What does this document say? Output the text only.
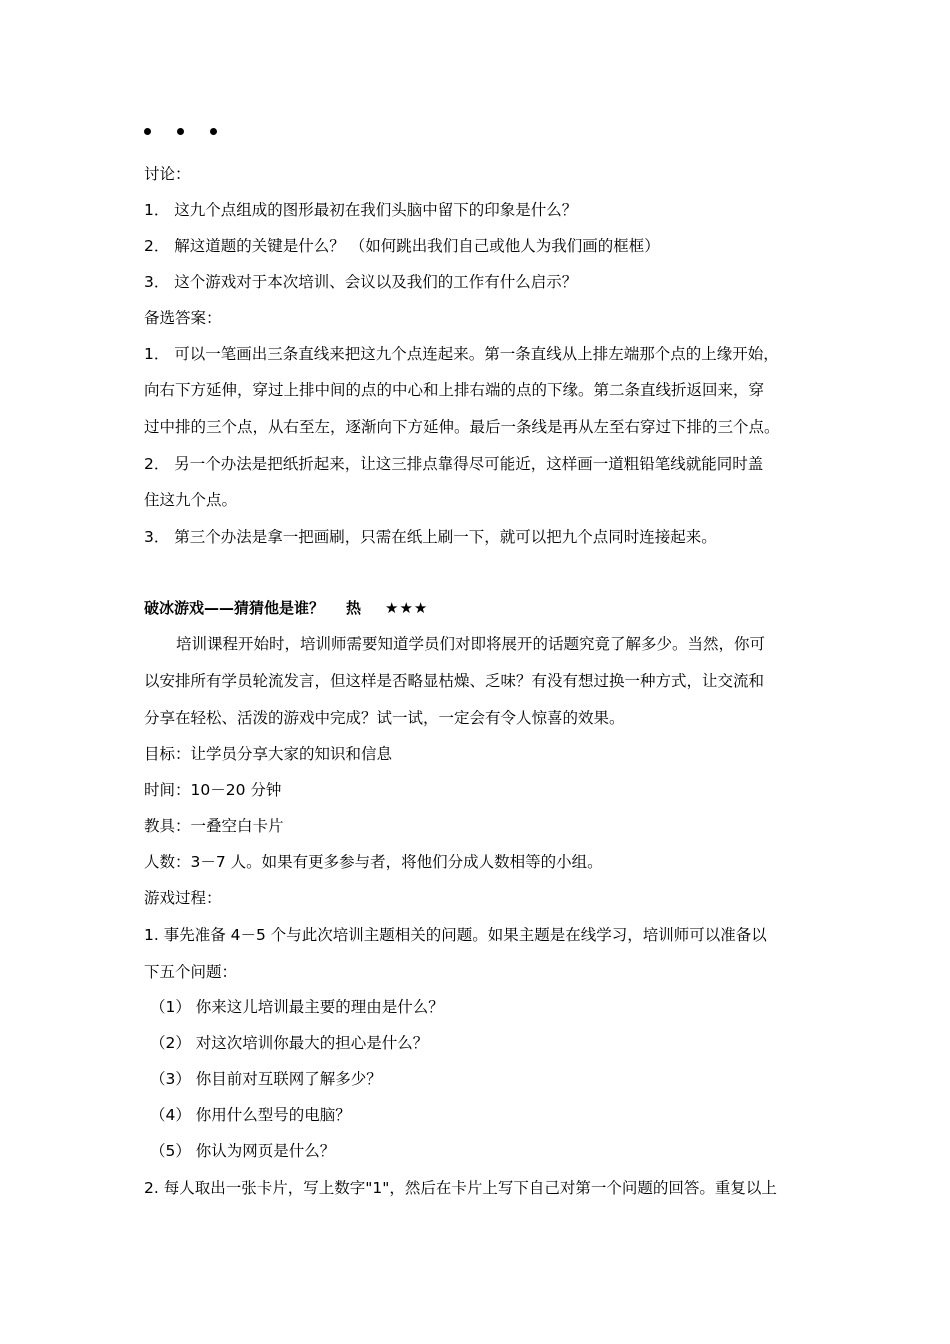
讨论：
1． 这九个点组成的图形最初在我们头脑中留下的印象是什么？
2． 解这道题的关键是什么？ （如何跳出我们自己或他人为我们画的框框）
3． 这个游戏对于本次培训、会议以及我们的工作有什么启示？
备选答案：
1． 可以一笔画出三条直线来把这九个点连起来。第一条直线从上排左端那个点的上缘开始，
向右下方延伸，穿过上排中间的点的中心和上排右端的点的下缘。第二条直线折返回来，穿
过中排的三个点，从右至左，逐渐向下方延伸。最后一条线是再从左至右穿过下排的三个点。
2． 另一个办法是把纸折起来，让这三排点靠得尽可能近，这样画一道粗铅笔线就能同时盖
住这九个点。
3． 第三个办法是拿一把画刷，只需在纸上刷一下，就可以把九个点同时连接起来。
破冰游戏——猜猜他是谁？ 热 ★★★
培训课程开始时，培训师需要知道学员们对即将展开的话题究竟了解多少。当然，你可
以安排所有学员轮流发言，但这样是否略显枯燥、乏味？有没有想过换一种方式，让交流和
分享在轻松、活泼的游戏中完成？试一试，一定会有令人惊喜的效果。
目标：让学员分享大家的知识和信息
时间：10－20 分钟
教具：一叠空白卡片
人数：3－7 人。如果有更多参与者，将他们分成人数相等的小组。
游戏过程：
1. 事先准备 4－5 个与此次培训主题相关的问题。如果主题是在线学习，培训师可以准备以
下五个问题：
（1） 你来这儿培训最主要的理由是什么？
（2） 对这次培训你最大的担心是什么？
（3） 你目前对互联网了解多少？
（4） 你用什么型号的电脑？
（5） 你认为网页是什么？
2. 每人取出一张卡片，写上数字"1"，然后在卡片上写下自己对第一个问题的回答。重复以上
